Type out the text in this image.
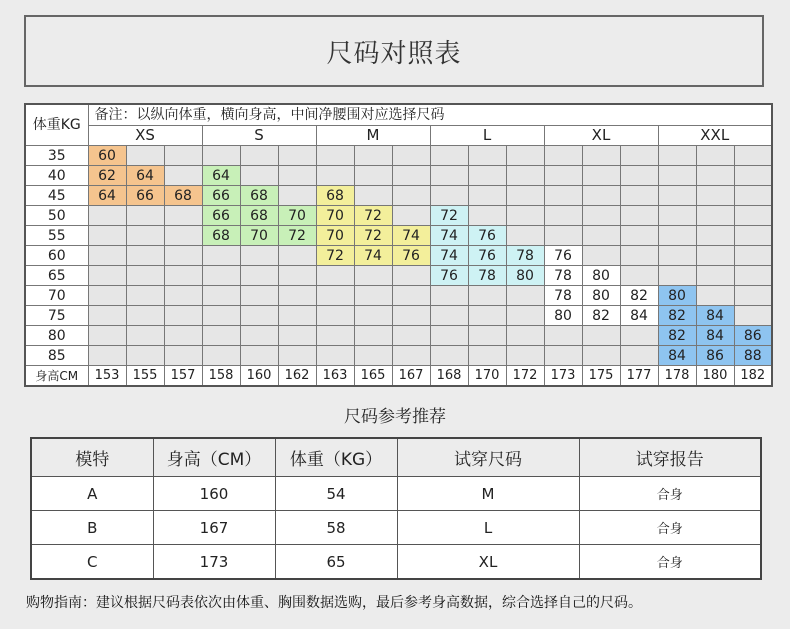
尺码对照表
体重KG	备注：以纵向体重，横向身高，中间净腰围对应选择尺码																	
	XS			S			M			L			XL			XXL		
35	60																	
40	62	64		64														
45	64	66	68	66	68		68											
50				66	68	70	70	72		72								
55				68	70	72	70	72	74	74	76							
60							72	74	76	74	76	78	76					
65										76	78	80	78	80				
70													78	80	82	80		
75													80	82	84	82	84	
80																82	84	86
85																84	86	88
身高CM	153	155	157	158	160	162	163	165	167	168	170	172	173	175	177	178	180	182
尺码参考推荐
模特	身高（CM）	体重（KG）	试穿尺码	试穿报告
A	160	54	M	合身
B	167	58	L	合身
C	173	65	XL	合身
购物指南：建议根据尺码表依次由体重、胸围数据选购，最后参考身高数据，综合选择自己的尺码。
